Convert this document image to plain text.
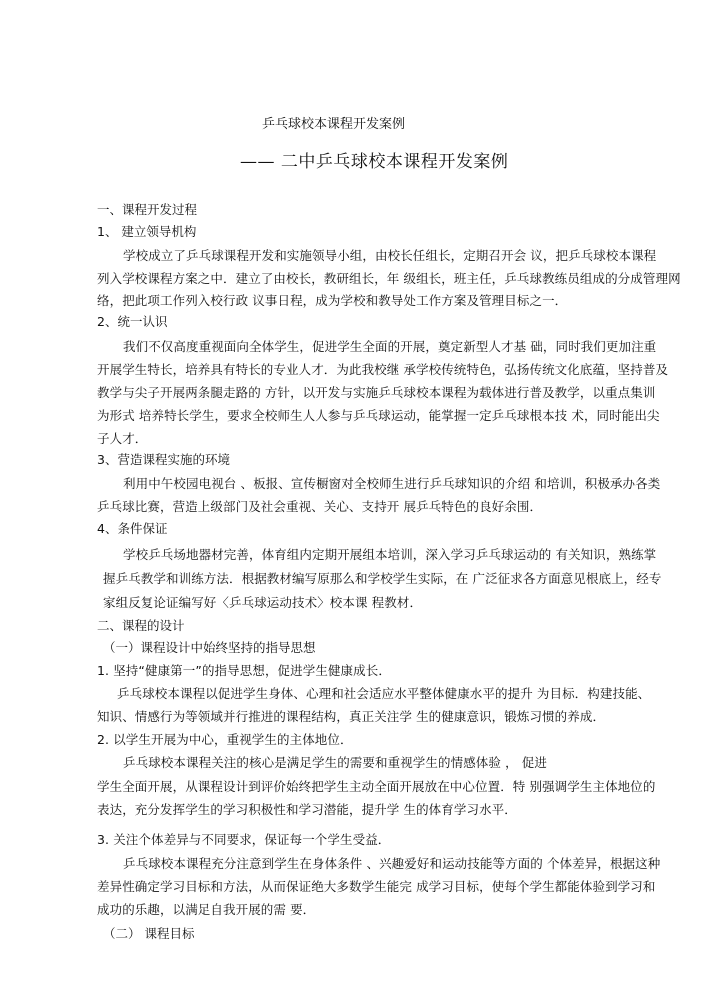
乒乓球校本课程开发案例
—— 二中乒乓球校本课程开发案例
一、课程开发过程
1、 建立领导机构
学校成立了乒乓球课程开发和实施领导小组，由校长任组长，定期召开会 议，把乒乓球校本课程
列入学校课程方案之中．建立了由校长，教研组长，年 级组长，班主任，乒乓球教练员组成的分成管理网
络，把此项工作列入校行政 议事日程，成为学校和教导处工作方案及管理目标之一．
2、统一认识
我们不仅高度重视面向全体学生，促进学生全面的开展，奠定新型人才基 础，同时我们更加注重
开展学生特长，培养具有特长的专业人才．为此我校继 承学校传统特色，弘扬传统文化底蕴，坚持普及
教学与尖子开展两条腿走路的 方针，以开发与实施乒乓球校本课程为载体进行普及教学，以重点集训
为形式 培养特长学生，要求全校师生人人参与乒乓球运动，能掌握一定乒乓球根本技 术，同时能出尖
子人才．
3、营造课程实施的环境
利用中午校园电视台 、板报、宣传橱窗对全校师生进行乒乓球知识的介绍 和培训，积极承办各类
乒乓球比赛，营造上级部门及社会重视、关心、支持开 展乒乓特色的良好余围．
4、条件保证
学校乒乓场地器材完善，体育组内定期开展组本培训，深入学习乒乓球运动的 有关知识，熟练掌
握乒乓教学和训练方法．根据教材编写原那么和学校学生实际，在 广泛征求各方面意见根底上，经专
家组反复论证编写好〈乒乓球运动技术〉校本课 程教材．
二、课程的设计
（一）课程设计中始终坚持的指导思想
1. 坚持“健康第一”的指导思想，促进学生健康成长．
乒乓球校本课程以促进学生身体、心理和社会适应水平整体健康水平的提升 为目标．构建技能、
知识、情感行为等领域并行推进的课程结构，真正关注学 生的健康意识，锻炼习惯的养成．
2. 以学生开展为中心，重视学生的主体地位．
乒乓球校本课程关注的核心是满足学生的需要和重视学生的情感体验 ， 促进
学生全面开展，从课程设计到评价始终把学生主动全面开展放在中心位置．特 别强调学生主体地位的
表达，充分发挥学生的学习积极性和学习潜能，提升学 生的体育学习水平．
3. 关注个体差异与不同要求，保证每一个学生受益．
乒乓球校本课程充分注意到学生在身体条件 、兴趣爱好和运动技能等方面的 个体差异，根据这种
差异性确定学习目标和方法，从而保证绝大多数学生能完 成学习目标，使每个学生都能体验到学习和
成功的乐趣，以满足自我开展的需 要．
（二） 课程目标
